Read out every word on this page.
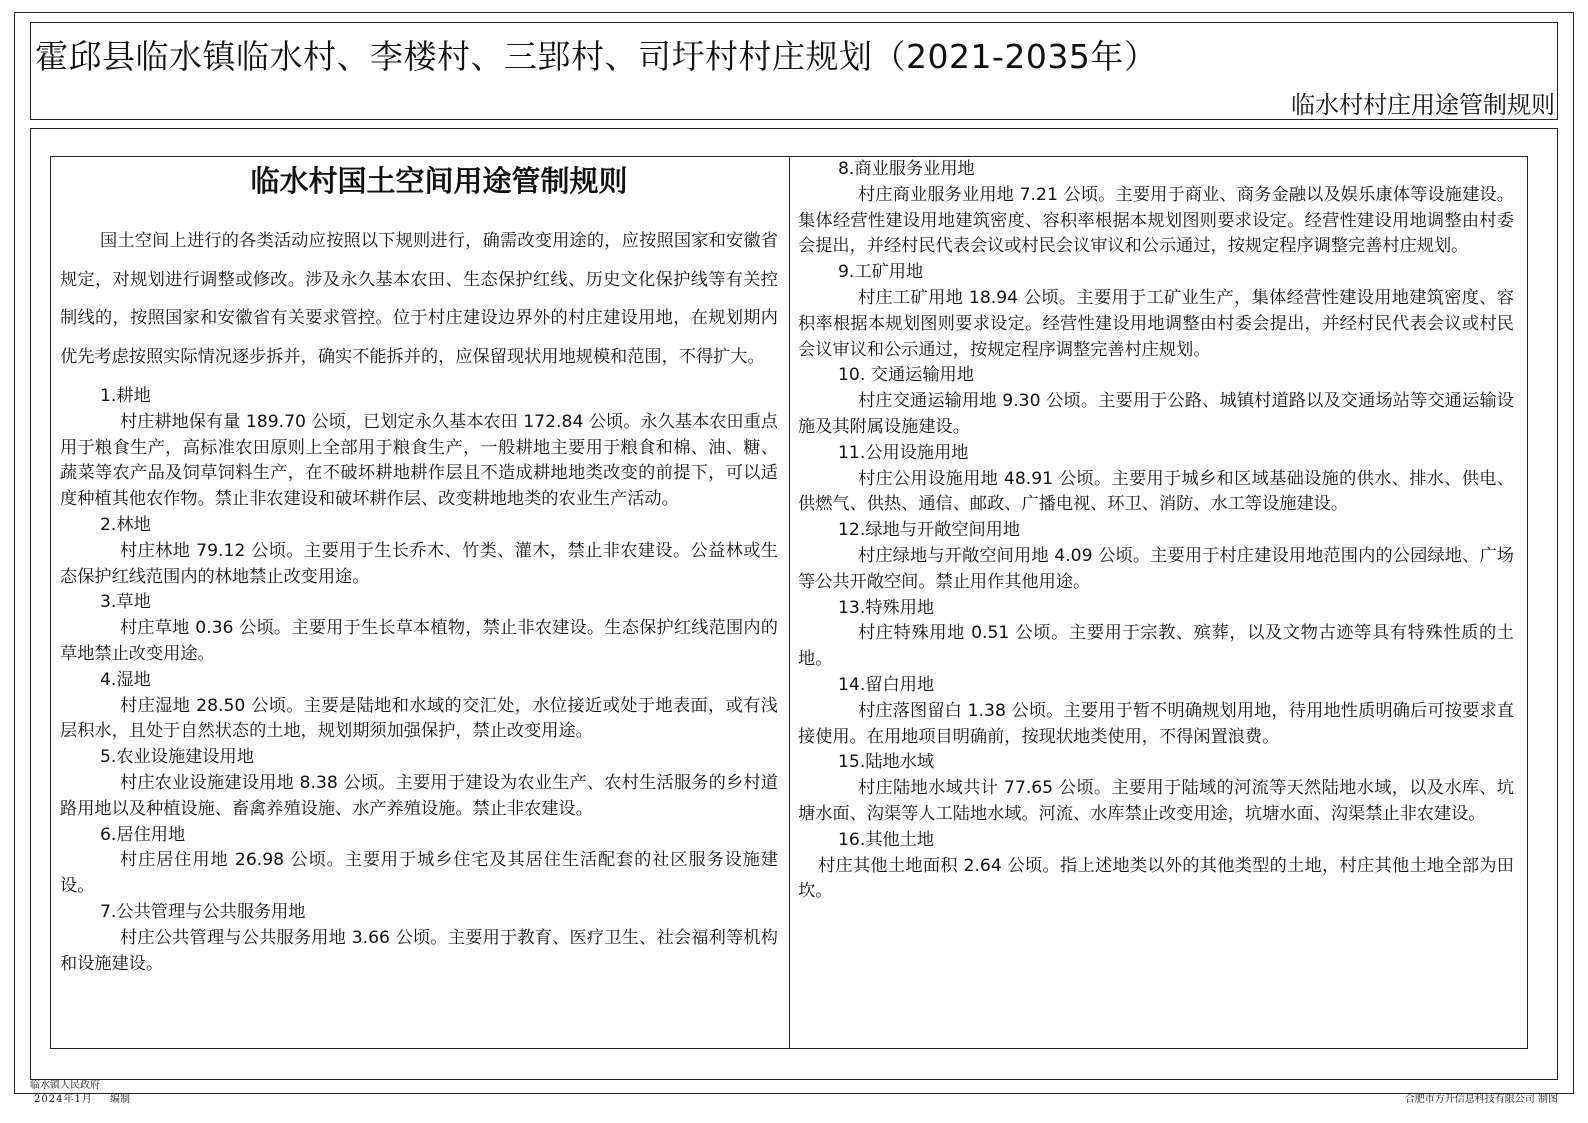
霍邱县临水镇临水村、李楼村、三郢村、司圩村村庄规划（2021-2035年）
临水村村庄用途管制规则
临水村国土空间用途管制规则

国土空间上进行的各类活动应按照以下规则进行，确需改变用途的，应按照国家和安徽省规定，对规划进行调整或修改。涉及永久基本农田、生态保护红线、历史文化保护线等有关控制线的，按照国家和安徽省有关要求管控。位于村庄建设边界外的村庄建设用地，在规划期内优先考虑按照实际情况逐步拆并，确实不能拆并的，应保留现状用地规模和范围，不得扩大。

1.耕地

村庄耕地保有量 189.70 公顷，已划定永久基本农田 172.84 公顷。永久基本农田重点用于粮食生产，高标准农田原则上全部用于粮食生产，一般耕地主要用于粮食和棉、油、糖、蔬菜等农产品及饲草饲料生产，在不破坏耕地耕作层且不造成耕地地类改变的前提下，可以适度种植其他农作物。禁止非农建设和破坏耕作层、改变耕地地类的农业生产活动。

2.林地

村庄林地 79.12 公顷。主要用于生长乔木、竹类、灌木，禁止非农建设。公益林或生态保护红线范围内的林地禁止改变用途。

3.草地

村庄草地 0.36 公顷。主要用于生长草本植物，禁止非农建设。生态保护红线范围内的草地禁止改变用途。

4.湿地

村庄湿地 28.50 公顷。主要是陆地和水域的交汇处，水位接近或处于地表面，或有浅层积水，且处于自然状态的土地，规划期须加强保护，禁止改变用途。

5.农业设施建设用地

村庄农业设施建设用地 8.38 公顷。主要用于建设为农业生产、农村生活服务的乡村道路用地以及种植设施、畜禽养殖设施、水产养殖设施。禁止非农建设。

6.居住用地

村庄居住用地 26.98 公顷。主要用于城乡住宅及其居住生活配套的社区服务设施建设。

7.公共管理与公共服务用地

村庄公共管理与公共服务用地 3.66 公顷。主要用于教育、医疗卫生、社会福利等机构和设施建设。

8.商业服务业用地

村庄商业服务业用地 7.21 公顷。主要用于商业、商务金融以及娱乐康体等设施建设。集体经营性建设用地建筑密度、容积率根据本规划图则要求设定。经营性建设用地调整由村委会提出，并经村民代表会议或村民会议审议和公示通过，按规定程序调整完善村庄规划。

9.工矿用地

村庄工矿用地 18.94 公顷。主要用于工矿业生产，集体经营性建设用地建筑密度、容积率根据本规划图则要求设定。经营性建设用地调整由村委会提出，并经村民代表会议或村民会议审议和公示通过，按规定程序调整完善村庄规划。

10. 交通运输用地

村庄交通运输用地 9.30 公顷。主要用于公路、城镇村道路以及交通场站等交通运输设施及其附属设施建设。

11.公用设施用地

村庄公用设施用地 48.91 公顷。主要用于城乡和区域基础设施的供水、排水、供电、供燃气、供热、通信、邮政、广播电视、环卫、消防、水工等设施建设。

12.绿地与开敞空间用地

村庄绿地与开敞空间用地 4.09 公顷。主要用于村庄建设用地范围内的公园绿地、广场等公共开敞空间。禁止用作其他用途。

13.特殊用地

村庄特殊用地 0.51 公顷。主要用于宗教、殡葬，以及文物古迹等具有特殊性质的土地。

14.留白用地

村庄落图留白 1.38 公顷。主要用于暂不明确规划用地，待用地性质明确后可按要求直接使用。在用地项目明确前，按现状地类使用，不得闲置浪费。

15.陆地水域

村庄陆地水域共计 77.65 公顷。主要用于陆域的河流等天然陆地水域，以及水库、坑塘水面、沟渠等人工陆地水域。河流、水库禁止改变用途，坑塘水面、沟渠禁止非农建设。

16.其他土地

村庄其他土地面积 2.64 公顷。指上述地类以外的其他类型的土地，村庄其他土地全部为田坎。

临水镇人民政府
2024年1月	编制	合肥市方升信息科技有限公司 制图
